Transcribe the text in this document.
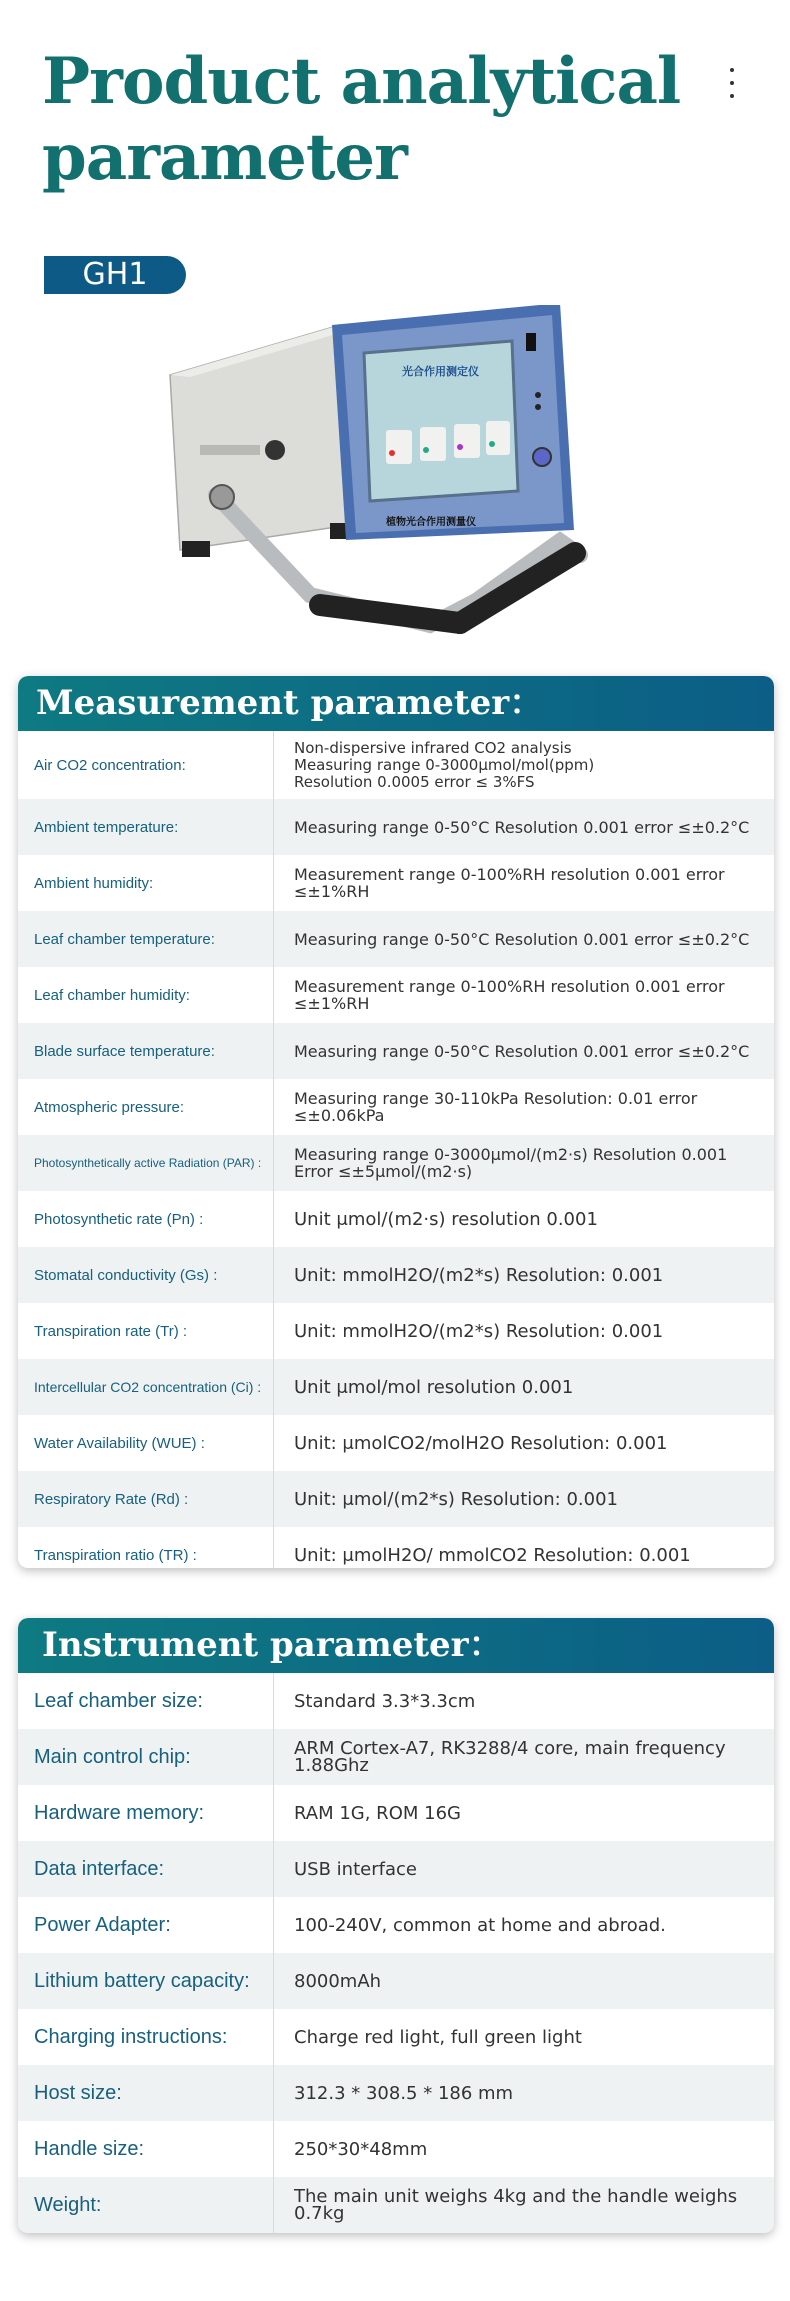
Product analytical parameter
GH1
光合作用测定仪
植物光合作用测量仪
Measurement parameter：
Air CO2 concentration:
Non-dispersive infrared CO2 analysis
Measuring range 0-3000μmol/mol(ppm)
Resolution 0.0005 error ≤ 3%FS
Ambient temperature:	Measuring range 0-50°C Resolution 0.001 error ≤±0.2°C
Ambient humidity:	Measurement range 0-100%RH resolution 0.001 error ≤±1%RH
Leaf chamber temperature:	Measuring range 0-50°C Resolution 0.001 error ≤±0.2°C
Leaf chamber humidity:	Measurement range 0-100%RH resolution 0.001 error ≤±1%RH
Blade surface temperature:	Measuring range 0-50°C Resolution 0.001 error ≤±0.2°C
Atmospheric pressure:	Measuring range 30-110kPa Resolution: 0.01 error ≤±0.06kPa
Photosynthetically active Radiation (PAR) :	Measuring range 0-3000μmol/(m2·s) Resolution 0.001
Error ≤±5μmol/(m2·s)
Photosynthetic rate (Pn) :	Unit μmol/(m2·s) resolution 0.001
Stomatal conductivity (Gs) :	Unit: mmolH2O/(m2*s) Resolution: 0.001
Transpiration rate (Tr) :	Unit: mmolH2O/(m2*s) Resolution: 0.001
Intercellular CO2 concentration (Ci) :	Unit μmol/mol resolution 0.001
Water Availability (WUE) :	Unit: μmolCO2/molH2O Resolution: 0.001
Respiratory Rate (Rd) :	Unit: μmol/(m2*s) Resolution: 0.001
Transpiration ratio (TR) :	Unit: μmolH2O/ mmolCO2 Resolution: 0.001
Instrument parameter：
Leaf chamber size:	Standard 3.3*3.3cm
Main control chip:	ARM Cortex-A7, RK3288/4 core, main frequency 1.88Ghz
Hardware memory:	RAM 1G, ROM 16G
Data interface:	USB interface
Power Adapter:	100-240V, common at home and abroad.
Lithium battery capacity:	8000mAh
Charging instructions:	Charge red light, full green light
Host size:	312.3 * 308.5 * 186 mm
Handle size:	250*30*48mm
Weight:	The main unit weighs 4kg and the handle weighs 0.7kg
